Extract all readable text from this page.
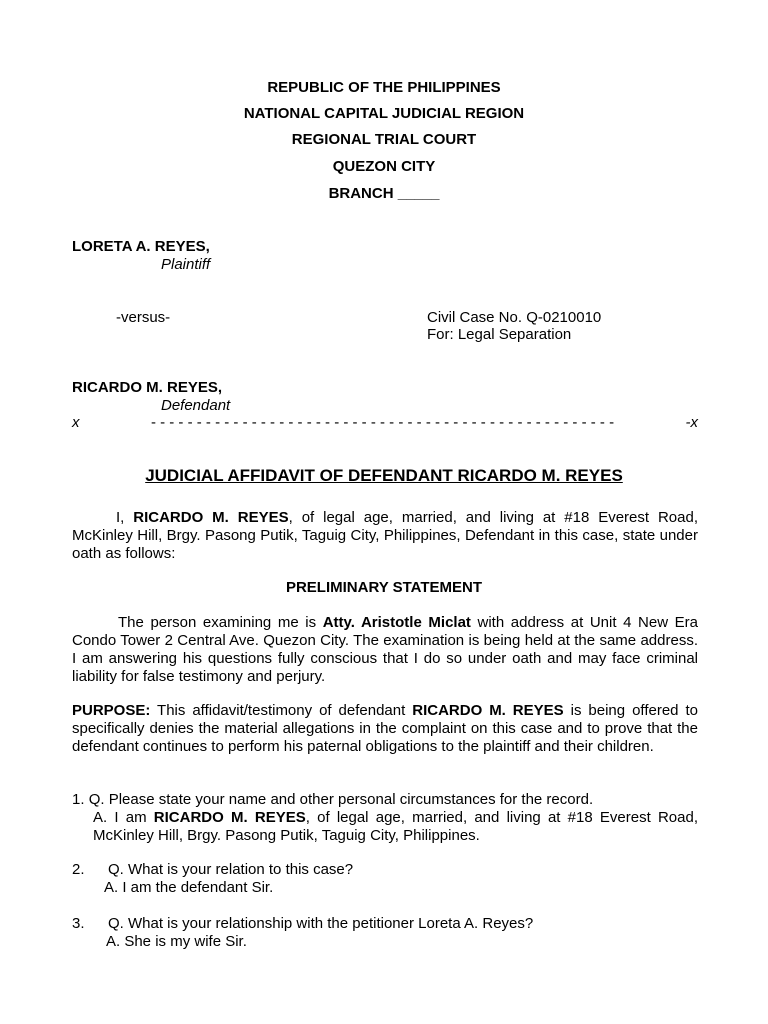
REPUBLIC OF THE PHILIPPINES
NATIONAL CAPITAL JUDICIAL REGION
REGIONAL TRIAL COURT
QUEZON CITY
BRANCH _____
LORETA A. REYES,
Plaintiff
-versus-	Civil Case No. Q-0210010
For: Legal Separation
RICARDO M. REYES,
Defendant
x	- - - - - - - - - - - - - - - - - - - - - - - - - - - - - - - - - - - - - - - - - - - - - - - - - - -	-x
JUDICIAL AFFIDAVIT OF DEFENDANT RICARDO M. REYES

I, RICARDO M. REYES, of legal age, married, and living at #18 Everest Road, McKinley Hill, Brgy. Pasong Putik, Taguig City, Philippines, Defendant in this case, state under oath as follows:

PRELIMINARY STATEMENT

The person examining me is Atty. Aristotle Miclat with address at Unit 4 New Era Condo Tower 2 Central Ave. Quezon City. The examination is being held at the same address. I am answering his questions fully conscious that I do so under oath and may face criminal liability for false testimony and perjury.

PURPOSE: This affidavit/testimony of defendant RICARDO M. REYES is being offered to specifically denies the material allegations in the complaint on this case and to prove that the defendant continues to perform his paternal obligations to the plaintiff and their children.

1. Q. Please state your name and other personal circumstances for the record.

A. I am RICARDO M. REYES, of legal age, married, and living at #18 Everest Road, McKinley Hill, Brgy. Pasong Putik, Taguig City, Philippines.

2. Q. What is your relation to this case?
A. I am the defendant Sir.
3. Q. What is your relationship with the petitioner Loreta A. Reyes?
A. She is my wife Sir.
